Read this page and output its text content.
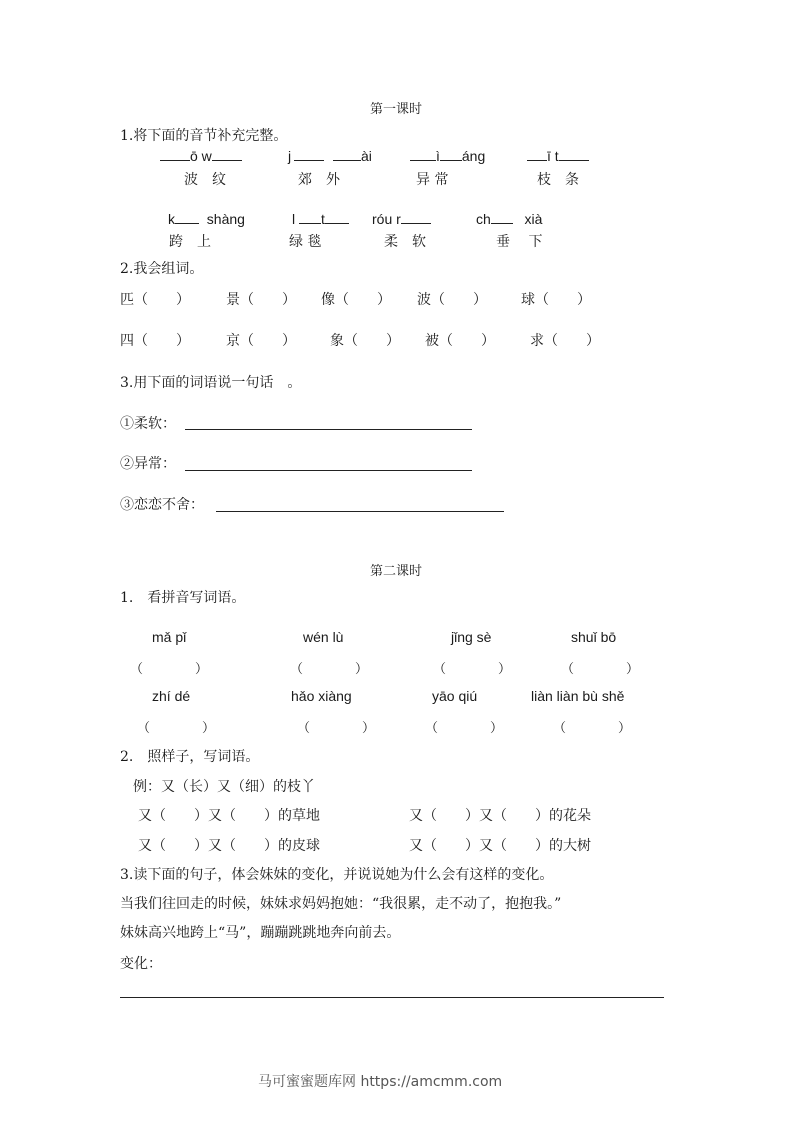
第一课时
1.将下面的音节补充完整。
ō w	j	ài	ì áng	ī t
波　纹	郊　外	异 常	枝　条
k shàng	l t	róu r	ch xià
跨　上	绿 毯	柔　软	垂　 下
2.我会组词。
匹（　　）	景（　　） 像（　　） 波（　　） 球（　　）
四（　　）	京（　　） 象（　　） 被（　　）	求（　　）
3.用下面的词语说一句话　。
①柔软：
②异常：
③恋恋不舍：
第二课时
1.　看拼音写词语。
mǎ pǐ	wén lù	jǐng sè	shuǐ bō
（　　　　）	（　　　　）	（　　　　）	（　　　　）
zhí dé	hǎo xiàng	yāo qiú	liàn liàn bù shě
（　　　　）	（　　　　）	（　　　　）	（　　　　）
2.　照样子，写词语。
例：又（长）又（细）的枝丫
又（　　）又（　　）的草地	又（　　）又（　　）的花朵
又（　　）又（　　）的皮球	又（　　）又（　　）的大树
3.读下面的句子，体会妹妹的变化，并说说她为什么会有这样的变化。
当我们往回走的时候，妹妹求妈妈抱她：“我很累，走不动了，抱抱我。”
妹妹高兴地跨上“马”，蹦蹦跳跳地奔向前去。
变化：
马可蜜蜜题库网 https://amcmm.com
